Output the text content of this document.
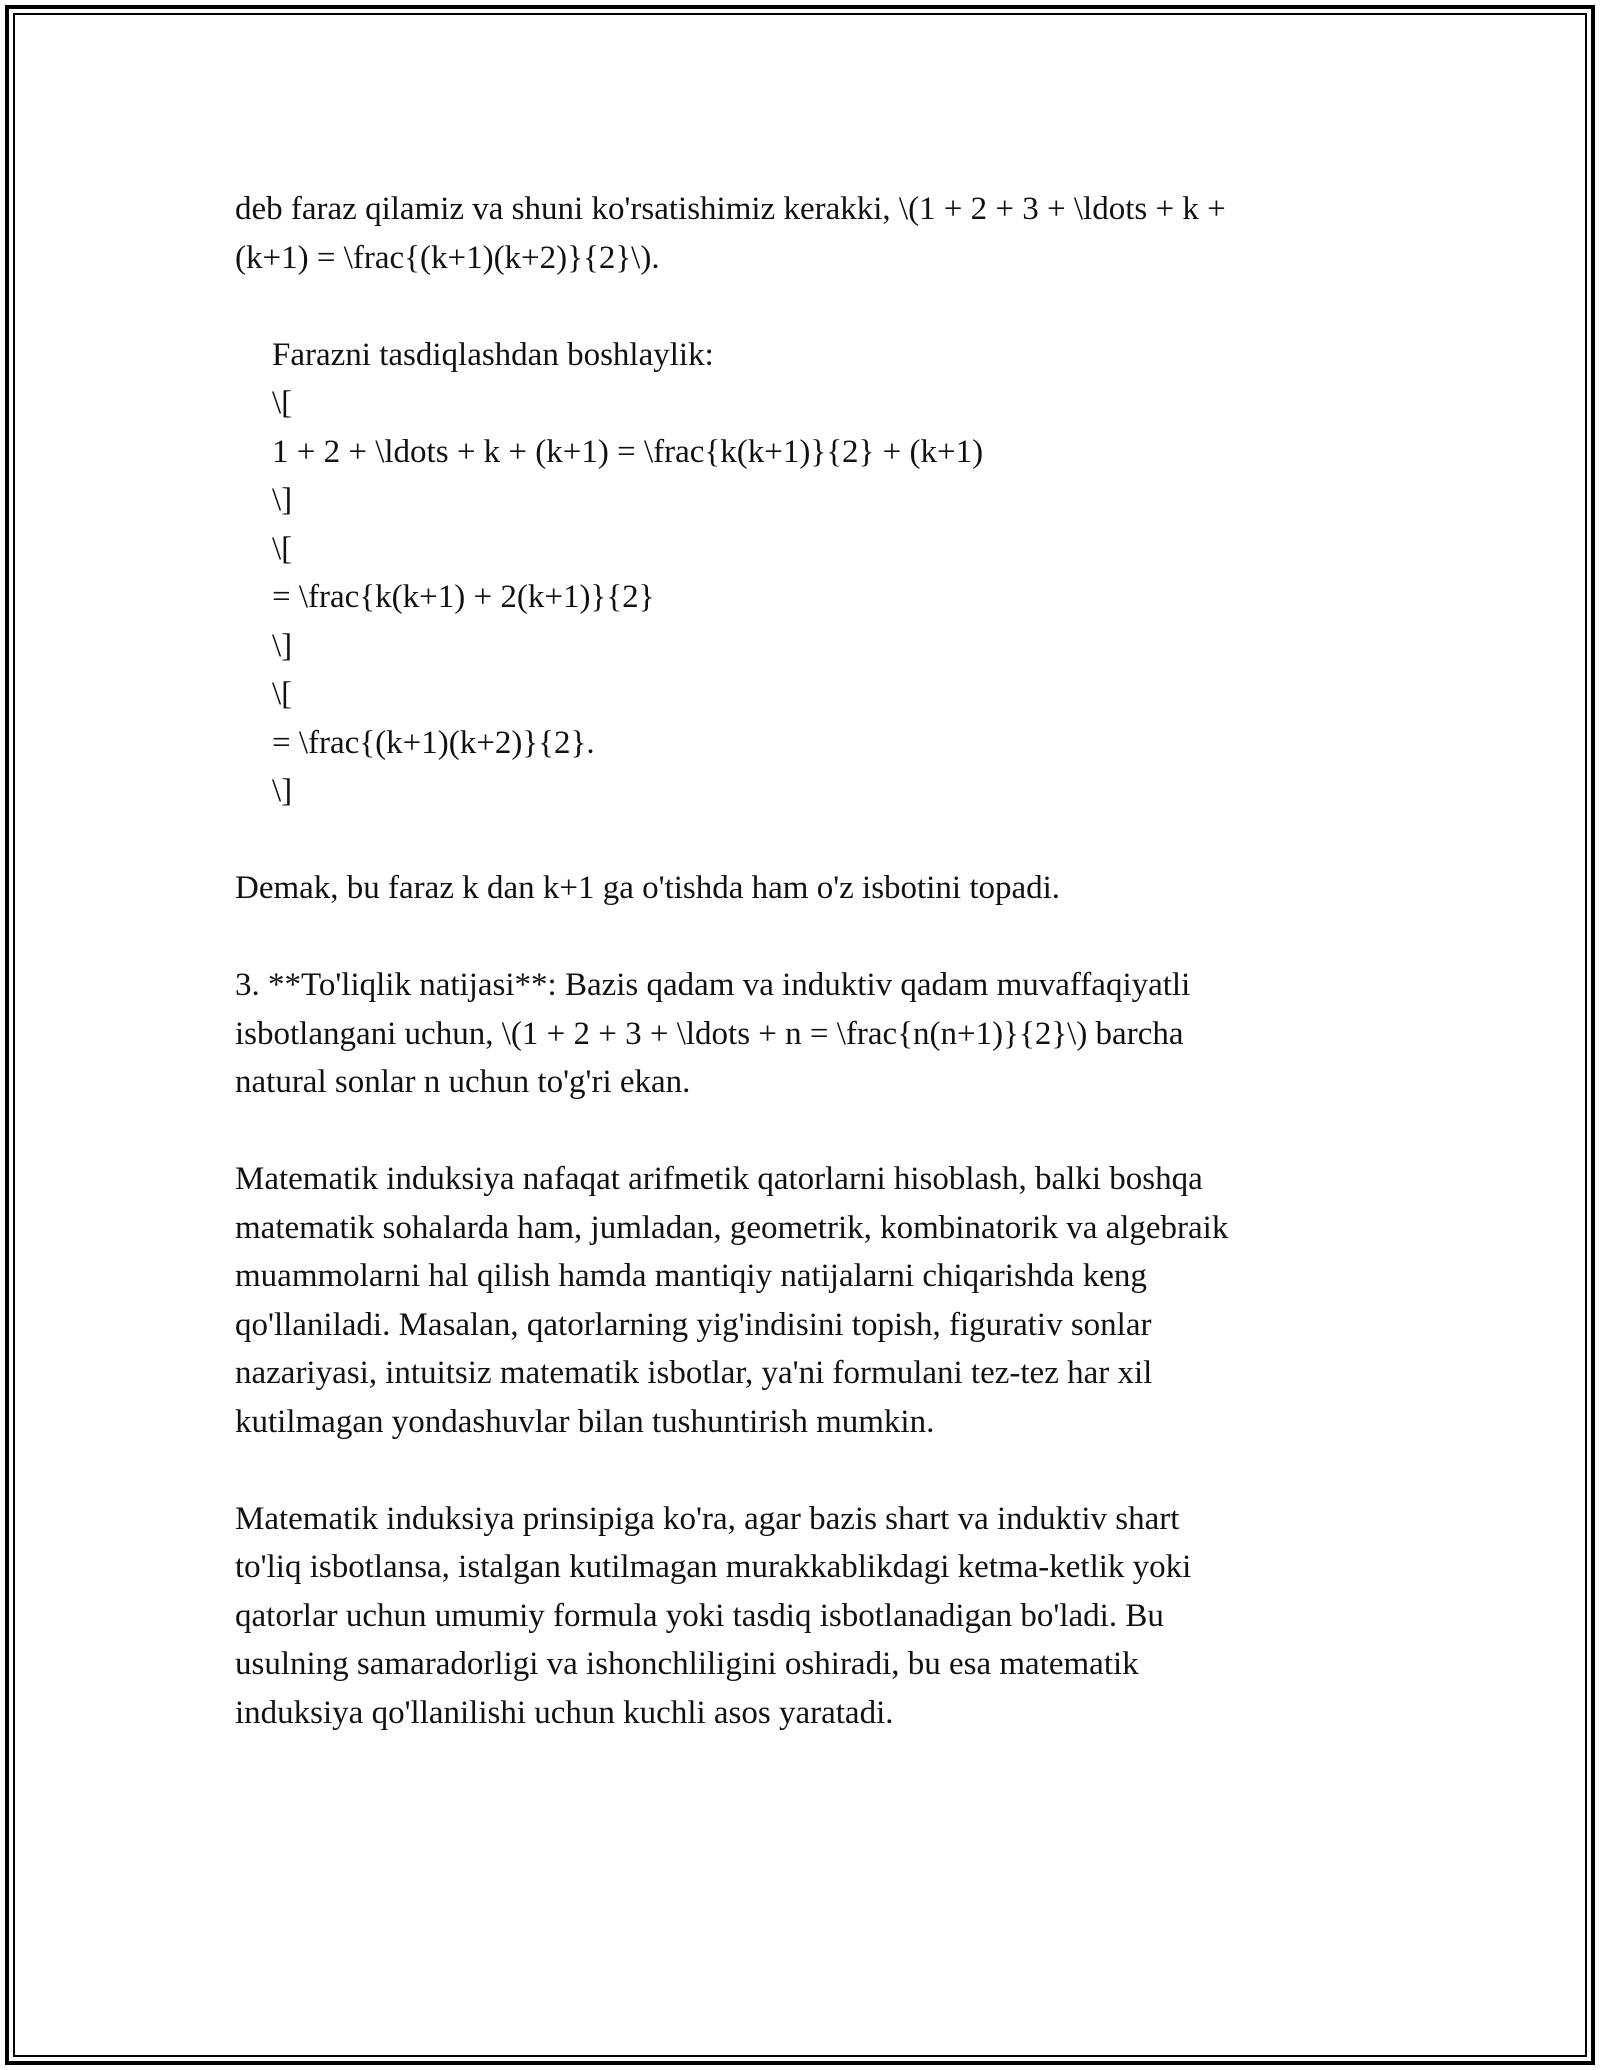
deb faraz qilamiz va shuni ko'rsatishimiz kerakki, \(1 + 2 + 3 + \ldots + k +
(k+1) = \frac{(k+1)(k+2)}{2}\).
Farazni tasdiqlashdan boshlaylik:
\[
1 + 2 + \ldots + k + (k+1) = \frac{k(k+1)}{2} + (k+1)
\]
\[
= \frac{k(k+1) + 2(k+1)}{2}
\]
\[
= \frac{(k+1)(k+2)}{2}.
\]
Demak, bu faraz k dan k+1 ga o'tishda ham o'z isbotini topadi.
3. **To'liqlik natijasi**: Bazis qadam va induktiv qadam muvaffaqiyatli
isbotlangani uchun, \(1 + 2 + 3 + \ldots + n = \frac{n(n+1)}{2}\) barcha
natural sonlar n uchun to'g'ri ekan.
Matematik induksiya nafaqat arifmetik qatorlarni hisoblash, balki boshqa
matematik sohalarda ham, jumladan, geometrik, kombinatorik va algebraik
muammolarni hal qilish hamda mantiqiy natijalarni chiqarishda keng
qo'llaniladi. Masalan, qatorlarning yig'indisini topish, figurativ sonlar
nazariyasi, intuitsiz matematik isbotlar, ya'ni formulani tez-tez har xil
kutilmagan yondashuvlar bilan tushuntirish mumkin.
Matematik induksiya prinsipiga ko'ra, agar bazis shart va induktiv shart
to'liq isbotlansa, istalgan kutilmagan murakkablikdagi ketma-ketlik yoki
qatorlar uchun umumiy formula yoki tasdiq isbotlanadigan bo'ladi. Bu
usulning samaradorligi va ishonchliligini oshiradi, bu esa matematik
induksiya qo'llanilishi uchun kuchli asos yaratadi.
